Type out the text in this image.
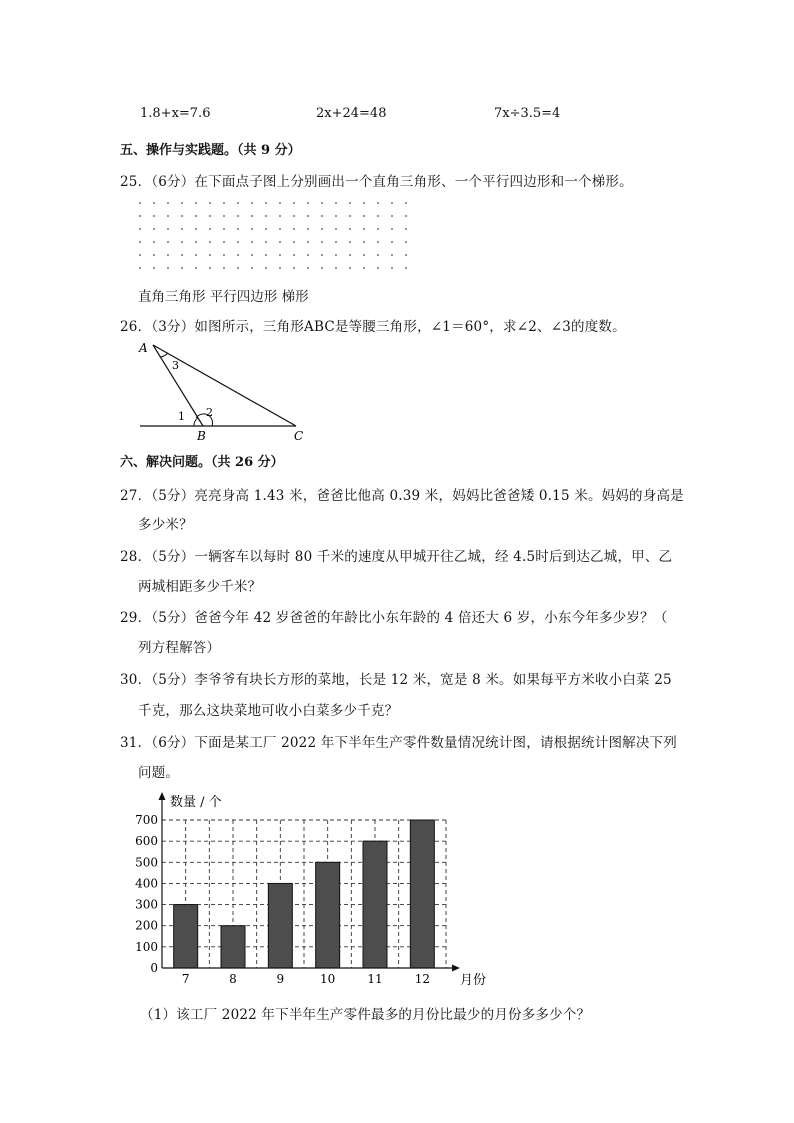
1.8+x=7.6	2x+24=48	7x÷3.5=4
五、操作与实践题。（共 9 分）
25．（6分）在下面点子图上分别画出一个直角三角形、一个平行四边形和一个梯形。
直角三角形 平行四边形 梯形
26．（3分）如图所示，三角形ABC是等腰三角形，∠1＝60°，求∠2、∠3的度数。
A
3
1 2
B	C
六、解决问题。（共 26 分）
27．（5分）亮亮身高 1.43 米，爸爸比他高 0.39 米，妈妈比爸爸矮 0.15 米。妈妈的身高是
多少米？
28．（5分）一辆客车以每时 80 千米的速度从甲城开往乙城，经 4.5时后到达乙城，甲、乙
两城相距多少千米？
29．（5分）爸爸今年 42 岁爸爸的年龄比小东年龄的 4 倍还大 6 岁，小东今年多少岁？（
列方程解答）
30．（5分）李爷爷有块长方形的菜地，长是 12 米，宽是 8 米。如果每平方米收小白菜 25
千克，那么这块菜地可收小白菜多少千克？
31．（6分）下面是某工厂 2022 年下半年生产零件数量情况统计图，请根据统计图解决下列
问题。
0
100
200
300
400
500
600
700
7	8	9	10	11	12
数量 / 个
月份
（1）该工厂 2022 年下半年生产零件最多的月份比最少的月份多多少个？
